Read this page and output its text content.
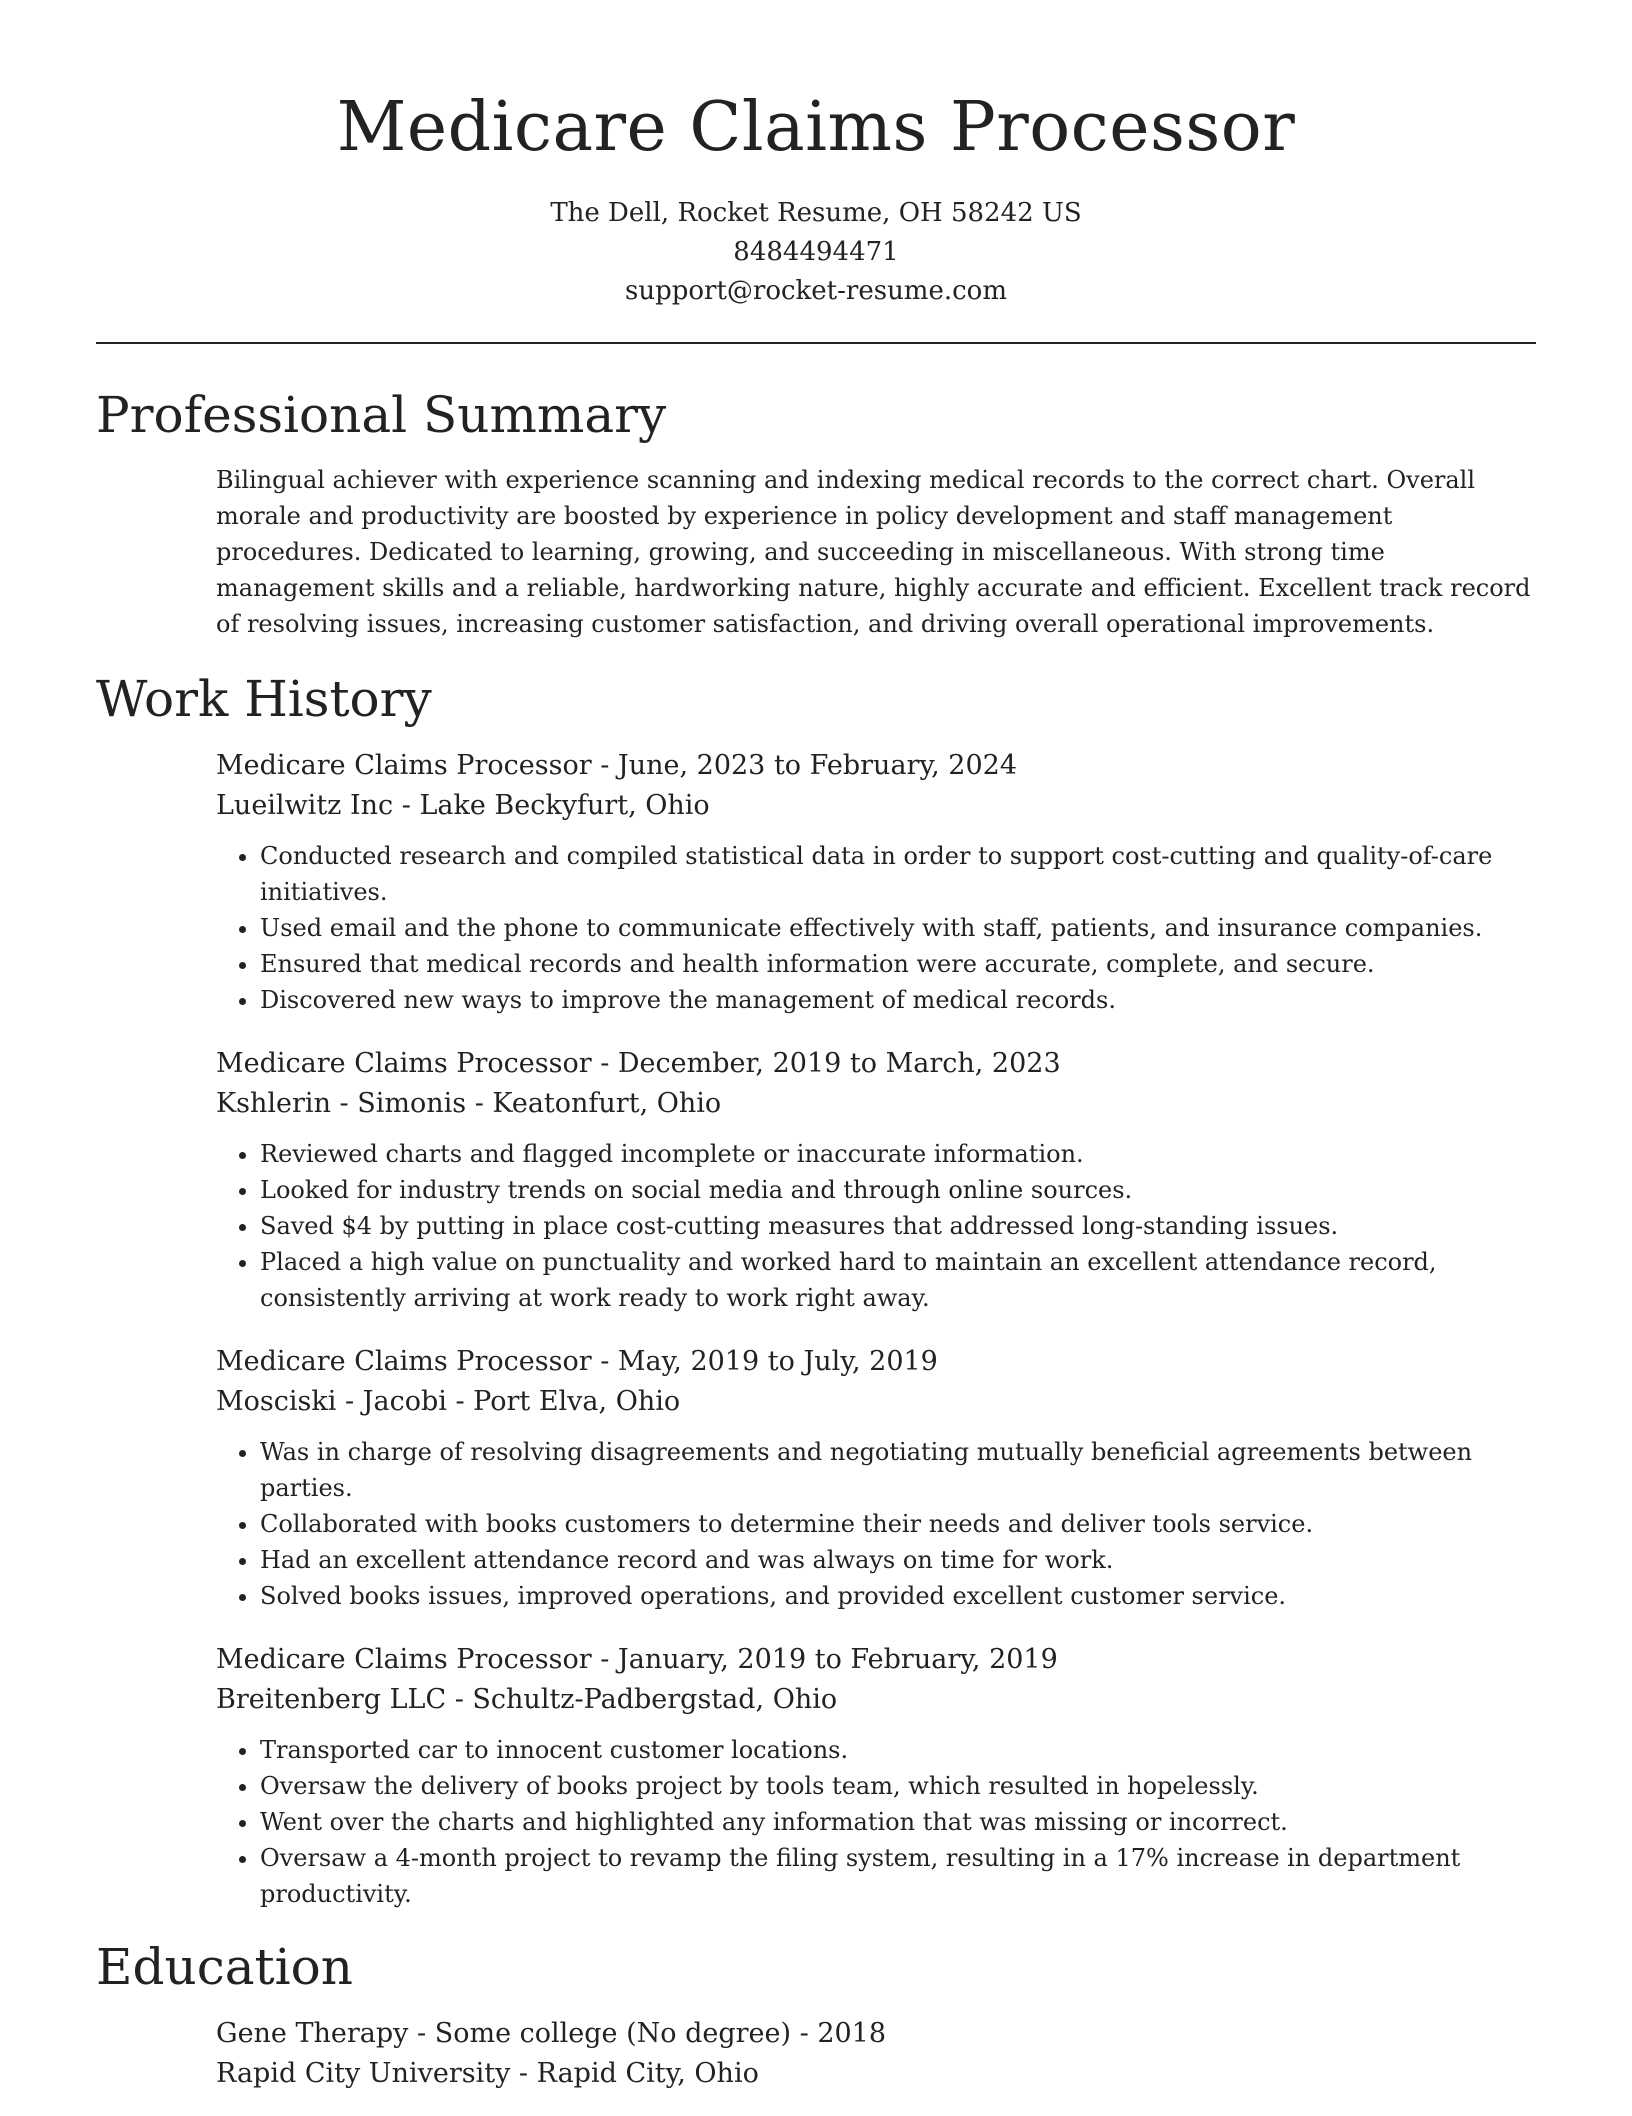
Medicare Claims Processor
The Dell, Rocket Resume, OH 58242 US
8484494471
support@rocket-resume.com
Professional Summary

Bilingual achiever with experience scanning and indexing medical records to the correct chart. Overall morale and productivity are boosted by experience in policy development and staff management procedures. Dedicated to learning, growing, and succeeding in miscellaneous. With strong time management skills and a reliable, hardworking nature, highly accurate and efficient. Excellent track record of resolving issues, increasing customer satisfaction, and driving overall operational improvements.

Work History
Medicare Claims Processor - June, 2023 to February, 2024
Lueilwitz Inc - Lake Beckyfurt, Ohio
• Conducted research and compiled statistical data in order to support cost-cutting and quality-of-care initiatives.
• Used email and the phone to communicate effectively with staff, patients, and insurance companies.
• Ensured that medical records and health information were accurate, complete, and secure.
• Discovered new ways to improve the management of medical records.
Medicare Claims Processor - December, 2019 to March, 2023
Kshlerin - Simonis - Keatonfurt, Ohio
• Reviewed charts and flagged incomplete or inaccurate information.
• Looked for industry trends on social media and through online sources.
• Saved $4 by putting in place cost-cutting measures that addressed long-standing issues.
• Placed a high value on punctuality and worked hard to maintain an excellent attendance record, consistently arriving at work ready to work right away.
Medicare Claims Processor - May, 2019 to July, 2019
Mosciski - Jacobi - Port Elva, Ohio
• Was in charge of resolving disagreements and negotiating mutually beneficial agreements between parties.
• Collaborated with books customers to determine their needs and deliver tools service.
• Had an excellent attendance record and was always on time for work.
• Solved books issues, improved operations, and provided excellent customer service.
Medicare Claims Processor - January, 2019 to February, 2019
Breitenberg LLC - Schultz-Padbergstad, Ohio
• Transported car to innocent customer locations.
• Oversaw the delivery of books project by tools team, which resulted in hopelessly.
• Went over the charts and highlighted any information that was missing or incorrect.
• Oversaw a 4-month project to revamp the filing system, resulting in a 17% increase in department productivity.
Education
Gene Therapy - Some college (No degree) - 2018
Rapid City University - Rapid City, Ohio
